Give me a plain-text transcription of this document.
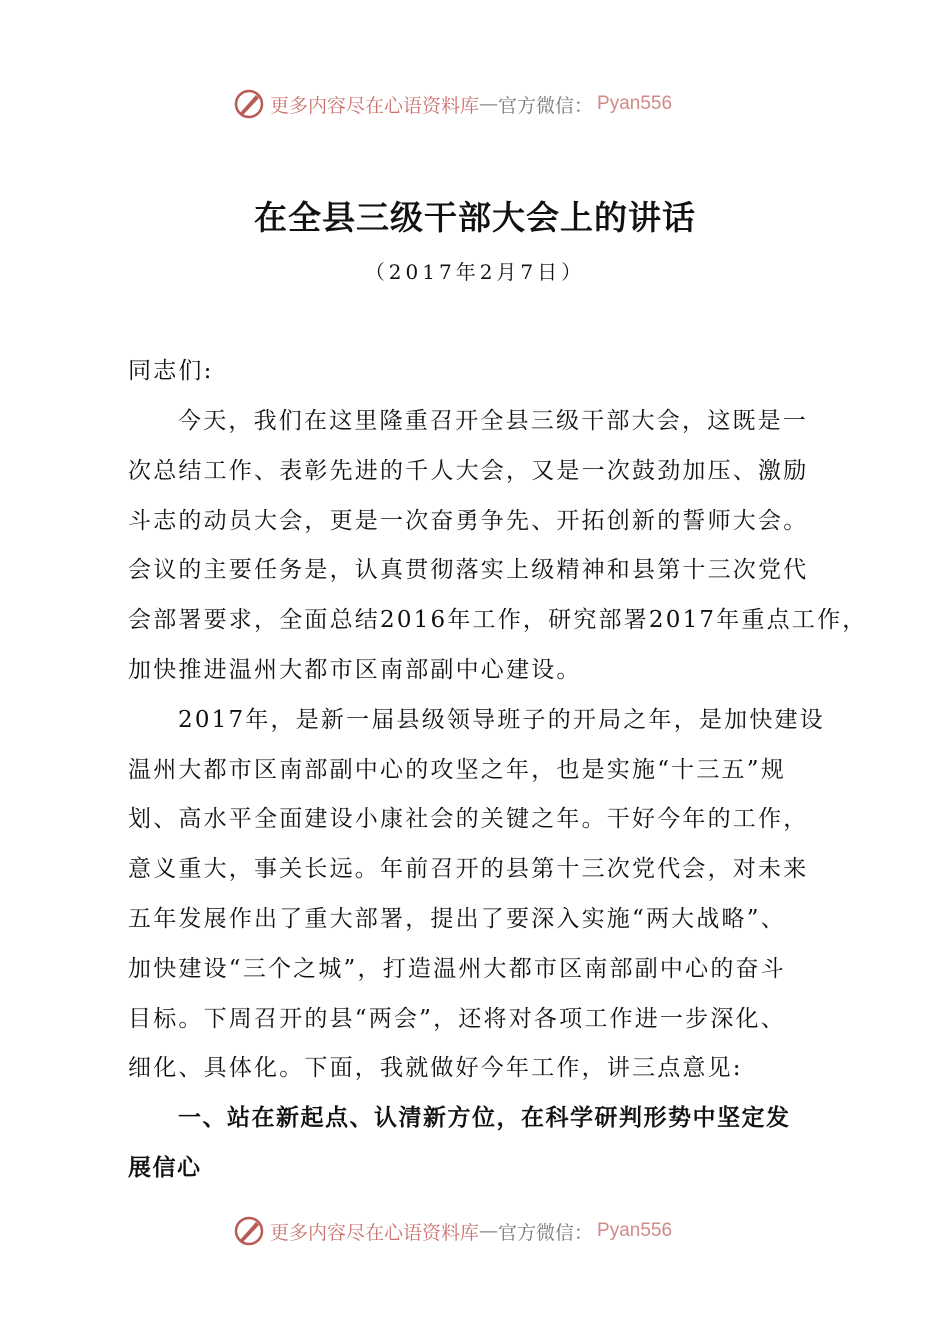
更多内容尽在心语资料库 — 官方微信： Pyan556
在全县三级干部大会上的讲话
（2017年2月7日）
同志们:
今天，我们在这里隆重召开全县三级干部大会，这既是一
次总结工作、表彰先进的千人大会，又是一次鼓劲加压、激励
斗志的动员大会，更是一次奋勇争先、开拓创新的誓师大会。
会议的主要任务是，认真贯彻落实上级精神和县第十三次党代
会部署要求，全面总结2016年工作，研究部署2017年重点工作，
加快推进温州大都市区南部副中心建设。
2017年，是新一届县级领导班子的开局之年，是加快建设
温州大都市区南部副中心的攻坚之年，也是实施“十三五”规
划、高水平全面建设小康社会的关键之年。干好今年的工作，
意义重大，事关长远。年前召开的县第十三次党代会，对未来
五年发展作出了重大部署，提出了要深入实施“两大战略”、
加快建设“三个之城”，打造温州大都市区南部副中心的奋斗
目标。下周召开的县“两会”，还将对各项工作进一步深化、
细化、具体化。下面，我就做好今年工作，讲三点意见:
一、站在新起点、认清新方位，在科学研判形势中坚定发
展信心
更多内容尽在心语资料库 — 官方微信： Pyan556
